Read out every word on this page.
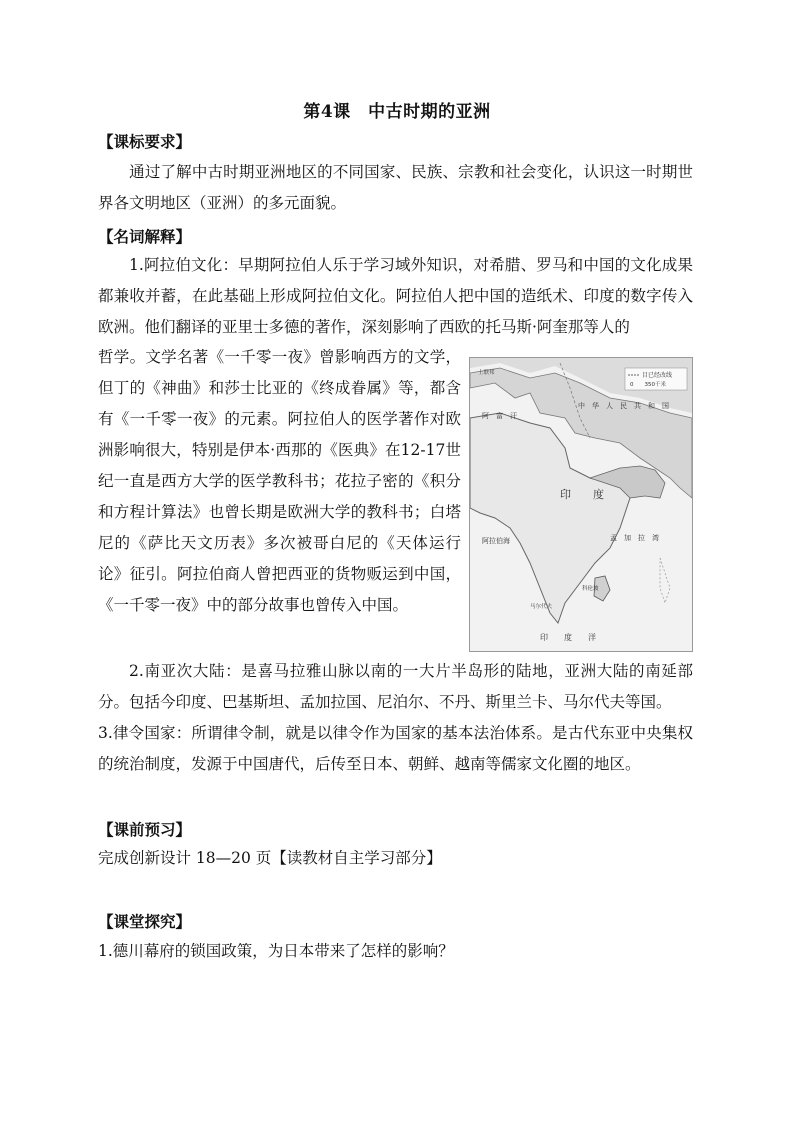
第4课　中古时期的亚洲
【课标要求】
通过了解中古时期亚洲地区的不同国家、民族、宗教和社会变化，认识这一时期世界各文明地区（亚洲）的多元面貌。
【名词解释】
1.阿拉伯文化：早期阿拉伯人乐于学习域外知识，对希腊、罗马和中国的文化成果都兼收并蓄，在此基础上形成阿拉伯文化。阿拉伯人把中国的造纸术、印度的数字传入欧洲。他们翻译的亚里士多德的著作，深刻影响了西欧的托马斯·阿奎那等人的
目已经改线
0　　350千米
上联邦
阿　富　汗
中　华　人　民　共　和　国
印　　度
阿拉伯海	孟　加　拉　湾
印　　度　　洋
科伦坡
马尔代夫
哲学。文学名著《一千零一夜》曾影响西方的文学，但丁的《神曲》和莎士比亚的《终成眷属》等，都含有《一千零一夜》的元素。阿拉伯人的医学著作对欧洲影响很大，特别是伊本·西那的《医典》在12-17世纪一直是西方大学的医学教科书；花拉子密的《积分和方程计算法》也曾长期是欧洲大学的教科书；白塔尼的《萨比天文历表》多次被哥白尼的《天体运行论》征引。阿拉伯商人曾把西亚的货物贩运到中国，《一千零一夜》中的部分故事也曾传入中国。
2.南亚次大陆：是喜马拉雅山脉以南的一大片半岛形的陆地，亚洲大陆的南延部分。包括今印度、巴基斯坦、孟加拉国、尼泊尔、不丹、斯里兰卡、马尔代夫等国。
3.律令国家：所谓律令制，就是以律令作为国家的基本法治体系。是古代东亚中央集权的统治制度，发源于中国唐代，后传至日本、朝鲜、越南等儒家文化圈的地区。
【课前预习】
完成创新设计 18—20 页【读教材自主学习部分】
【课堂探究】
1.德川幕府的锁国政策，为日本带来了怎样的影响？
